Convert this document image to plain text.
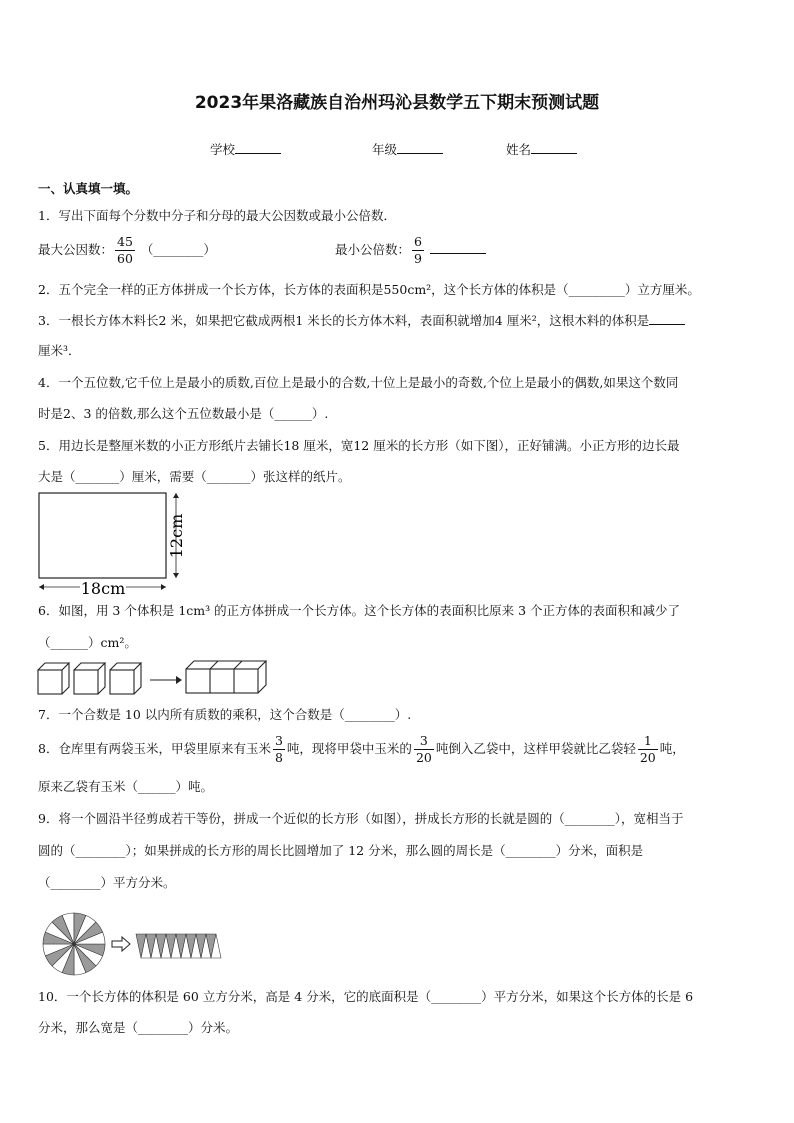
2023年果洛藏族自治州玛沁县数学五下期末预测试题
学校	年级	姓名
一、认真填一填。
1．写出下面每个分数中分子和分母的最大公因数或最小公倍数．
最大公因数： $\frac{45}{60}$ （________）	最小公倍数： $\frac{6}{9}$

2．五个完全一样的正方体拼成一个长方体，长方体的表面积是550cm²，这个长方体的体积是（_________）立方厘米。
3．一根长方体木料长2 米，如果把它截成两根1 米长的长方体木料，表面积就增加4 厘米²，这根木料的体积是
厘米³．
4．一个五位数,它千位上是最小的质数,百位上是最小的合数,十位上是最小的奇数,个位上是最小的偶数,如果这个数同
时是2、3 的倍数,那么这个五位数最小是（______）.
5．用边长是整厘米数的小正方形纸片去铺长18 厘米，宽12 厘米的长方形（如下图），正好铺满。小正方形的边长最
大是（_______）厘米，需要（_______）张这样的纸片。
12cm
18cm
6．如图，用 3 个体积是 1cm³ 的正方体拼成一个长方体。这个长方体的表面积比原来 3 个正方体的表面积和减少了
（______）cm²。
7．一个合数是 10 以内所有质数的乘积，这个合数是（________）.
8．仓库里有两袋玉米，甲袋里原来有玉米 $\frac{3}{8}$ 吨，现将甲袋中玉米的 $\frac{3}{20}$ 吨倒入乙袋中，这样甲袋就比乙袋轻 $\frac{1}{20}$ 吨，
原来乙袋有玉米（______）吨。
9．将一个圆沿半径剪成若干等份，拼成一个近似的长方形（如图），拼成长方形的长就是圆的（________），宽相当于
圆的（________）；如果拼成的长方形的周长比圆增加了 12 分米，那么圆的周长是（________）分米，面积是
（________）平方分米。
10．一个长方体的体积是 60 立方分米，高是 4 分米，它的底面积是（________）平方分米，如果这个长方体的长是 6
分米，那么宽是（________）分米。
